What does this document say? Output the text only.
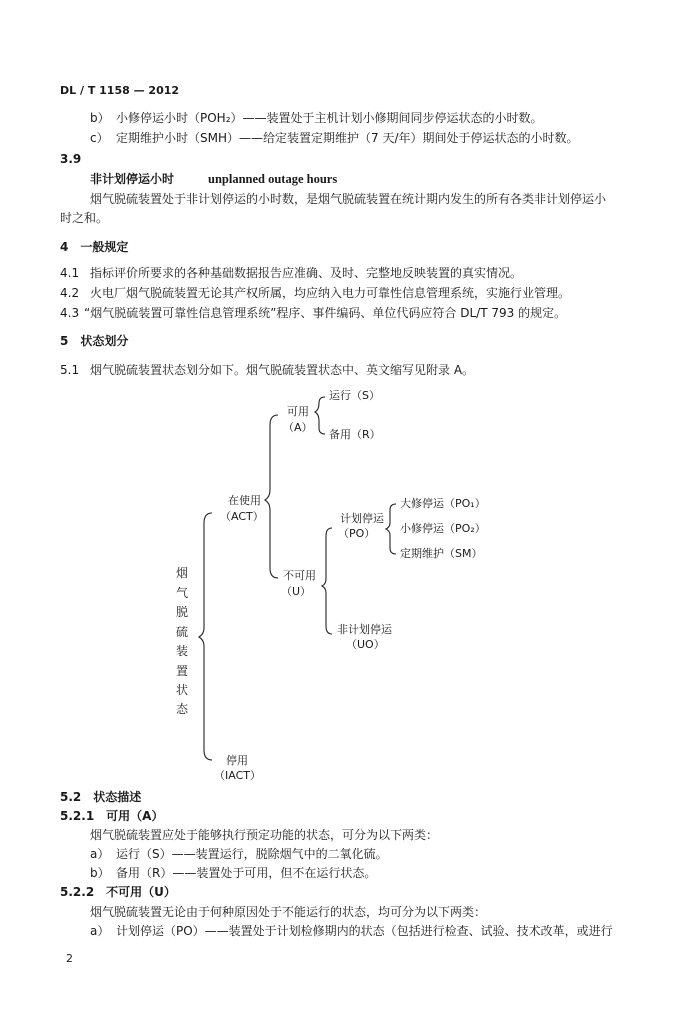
DL / T 1158 — 2012
b） 小修停运小时（POH₂）——装置处于主机计划小修期间同步停运状态的小时数。
c） 定期维护小时（SMH）——给定装置定期维护（7 天/年）期间处于停运状态的小时数。
3.9
非计划停运小时	unplanned outage hours
烟气脱硫装置处于非计划停运的小时数，是烟气脱硫装置在统计期内发生的所有各类非计划停运小
时之和。
4　一般规定
4.1 指标评价所要求的各种基础数据报告应准确、及时、完整地反映装置的真实情况。
4.2 火电厂烟气脱硫装置无论其产权所属，均应纳入电力可靠性信息管理系统，实施行业管理。
4.3 “烟气脱硫装置可靠性信息管理系统”程序、事件编码、单位代码应符合 DL/T 793 的规定。
5　状态划分
5.1 烟气脱硫装置状态划分如下。烟气脱硫装置状态中、英文缩写见附录 A。
烟
气
脱
硫
装
置
状
态
在使用
（ACT）
可用
（A）
运行（S）
备用（R）
不可用
（U）
计划停运
（PO）
大修停运（PO₁）
小修停运（PO₂）
定期维护（SM）
非计划停运
（UO）
停用
（IACT）
5.2　状态描述
5.2.1　可用（A）
烟气脱硫装置应处于能够执行预定功能的状态，可分为以下两类：
a） 运行（S）——装置运行，脱除烟气中的二氧化硫。
b） 备用（R）——装置处于可用，但不在运行状态。
5.2.2　不可用（U）
烟气脱硫装置无论由于何种原因处于不能运行的状态，均可分为以下两类：
a） 计划停运（PO）——装置处于计划检修期内的状态（包括进行检查、试验、技术改革，或进行
2
